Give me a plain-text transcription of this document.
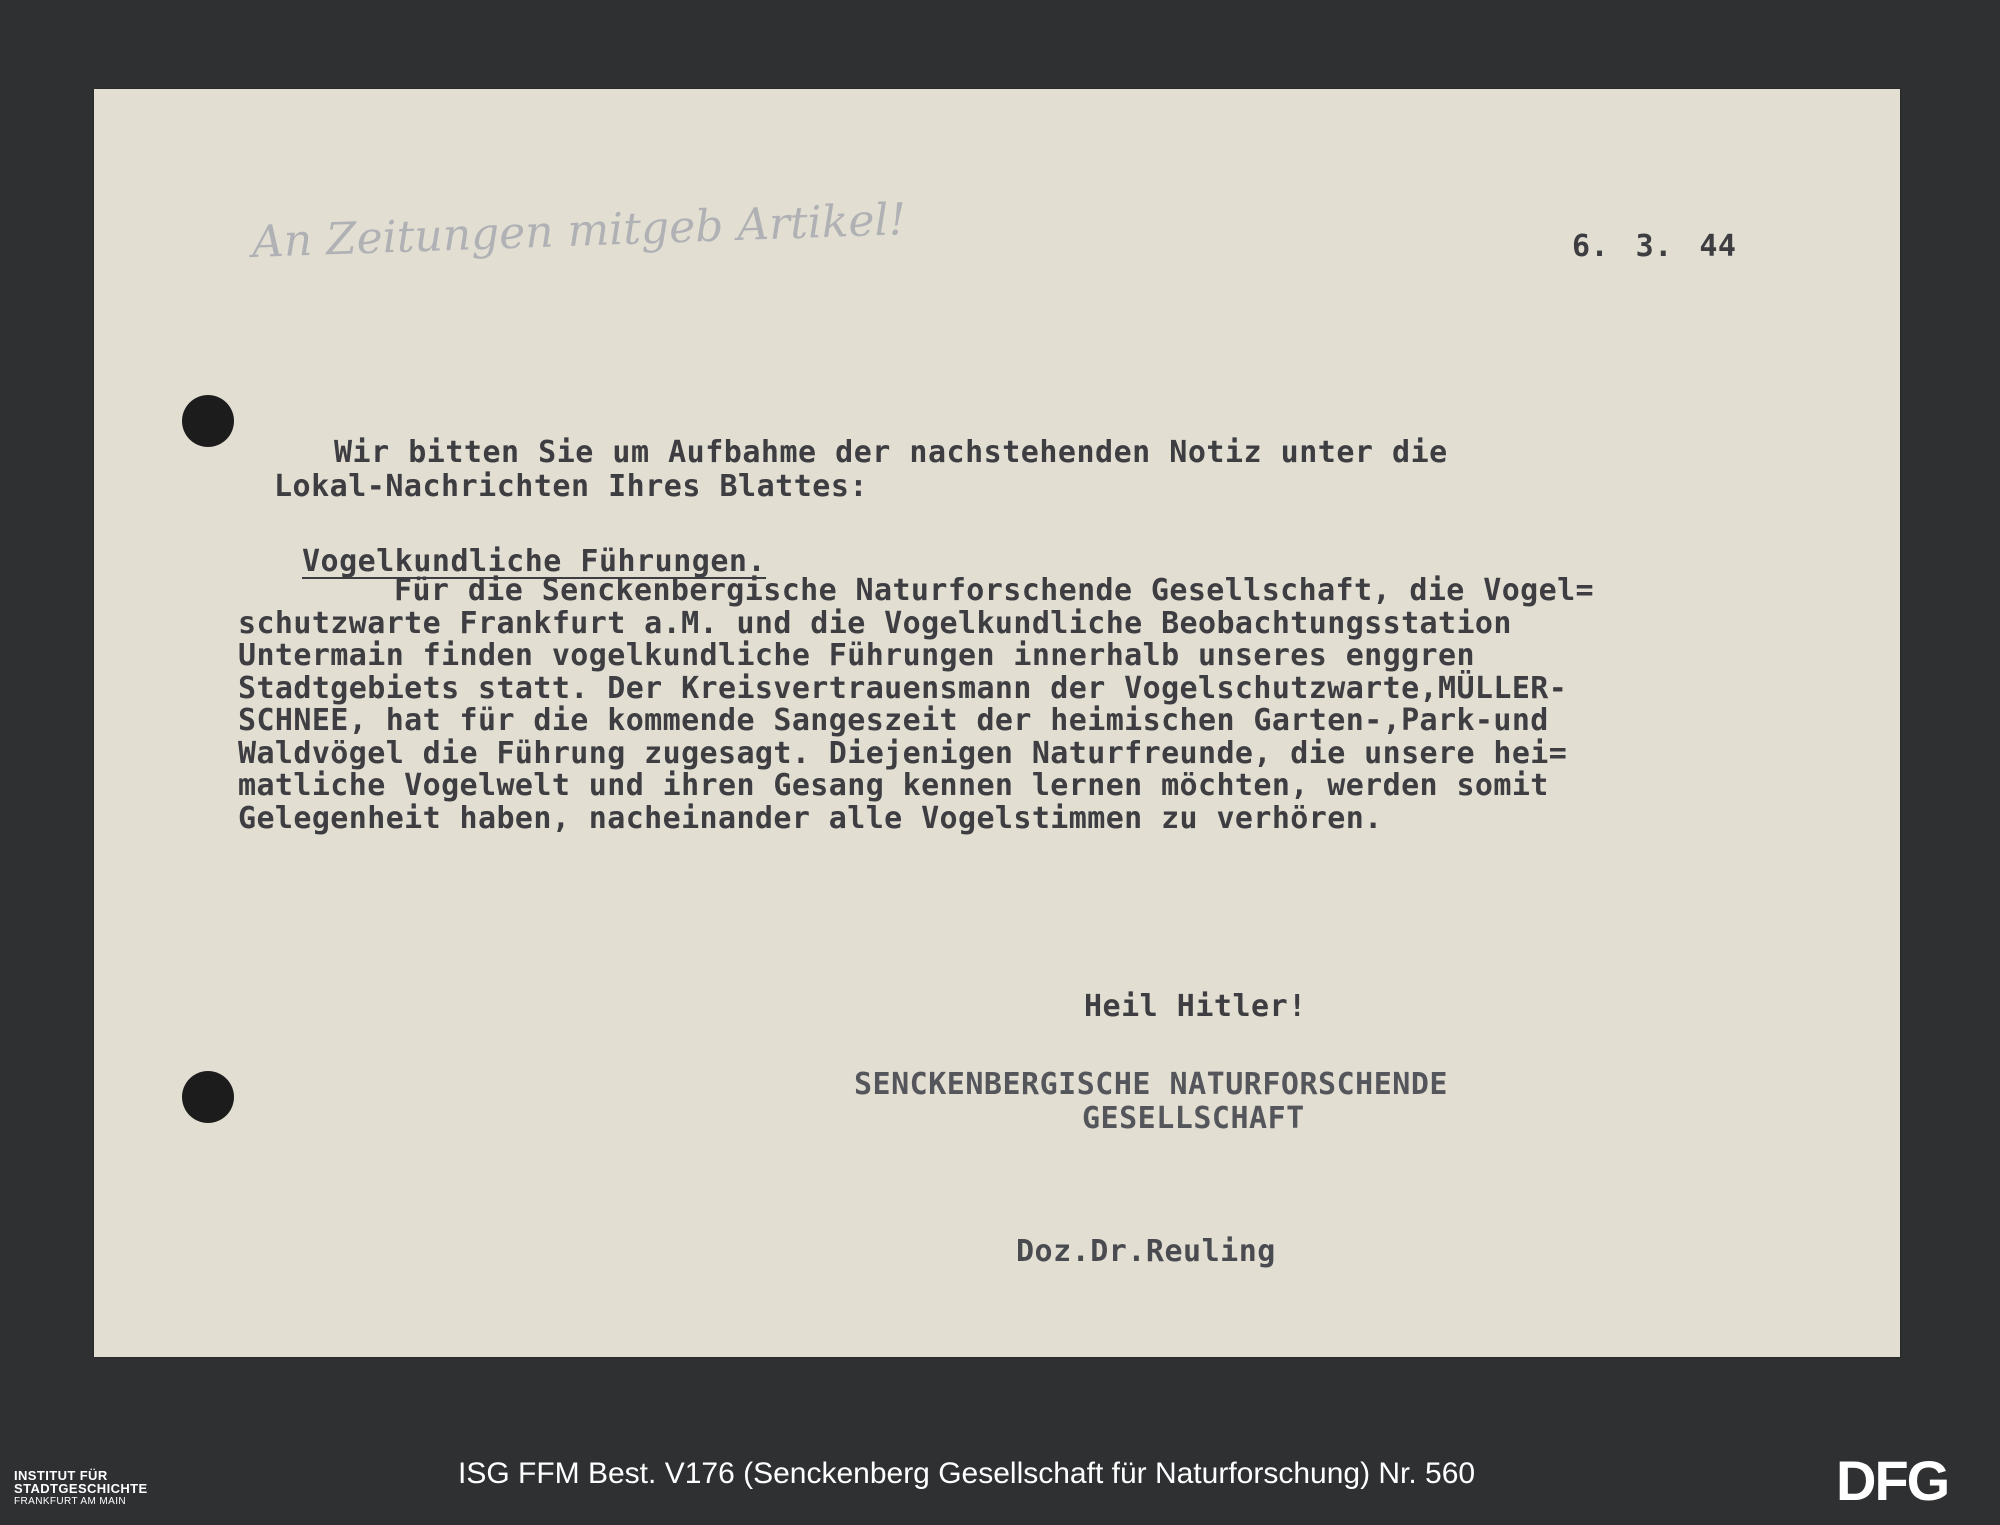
An Zeitungen mitgeb Artikel!	6. 3. 44
Wir bitten Sie um Aufbahme der nachstehenden Notiz unter die
Lokal-Nachrichten Ihres Blattes:
Vogelkundliche Führungen.
Für die Senckenbergische Naturforschende Gesellschaft, die Vogel=
schutzwarte Frankfurt a.M. und die Vogelkundliche Beobachtungsstation
Untermain finden vogelkundliche Führungen innerhalb unseres enggren
Stadtgebiets statt. Der Kreisvertrauensmann der Vogelschutzwarte,MÜLLER-
SCHNEE, hat für die kommende Sangeszeit der heimischen Garten-,Park-und
Waldvögel die Führung zugesagt. Diejenigen Naturfreunde, die unsere hei=
matliche Vogelwelt und ihren Gesang kennen lernen möchten, werden somit
Gelegenheit haben, nacheinander alle Vogelstimmen zu verhören.
Heil Hitler!
SENCKENBERGISCHE NATURFORSCHENDE
GESELLSCHAFT
Doz.Dr.Reuling
INSTITUT FÜR
STADTGESCHICHTE
FRANKFURT AM MAIN
ISG FFM Best. V176 (Senckenberg Gesellschaft für Naturforschung) Nr. 560	DFG
